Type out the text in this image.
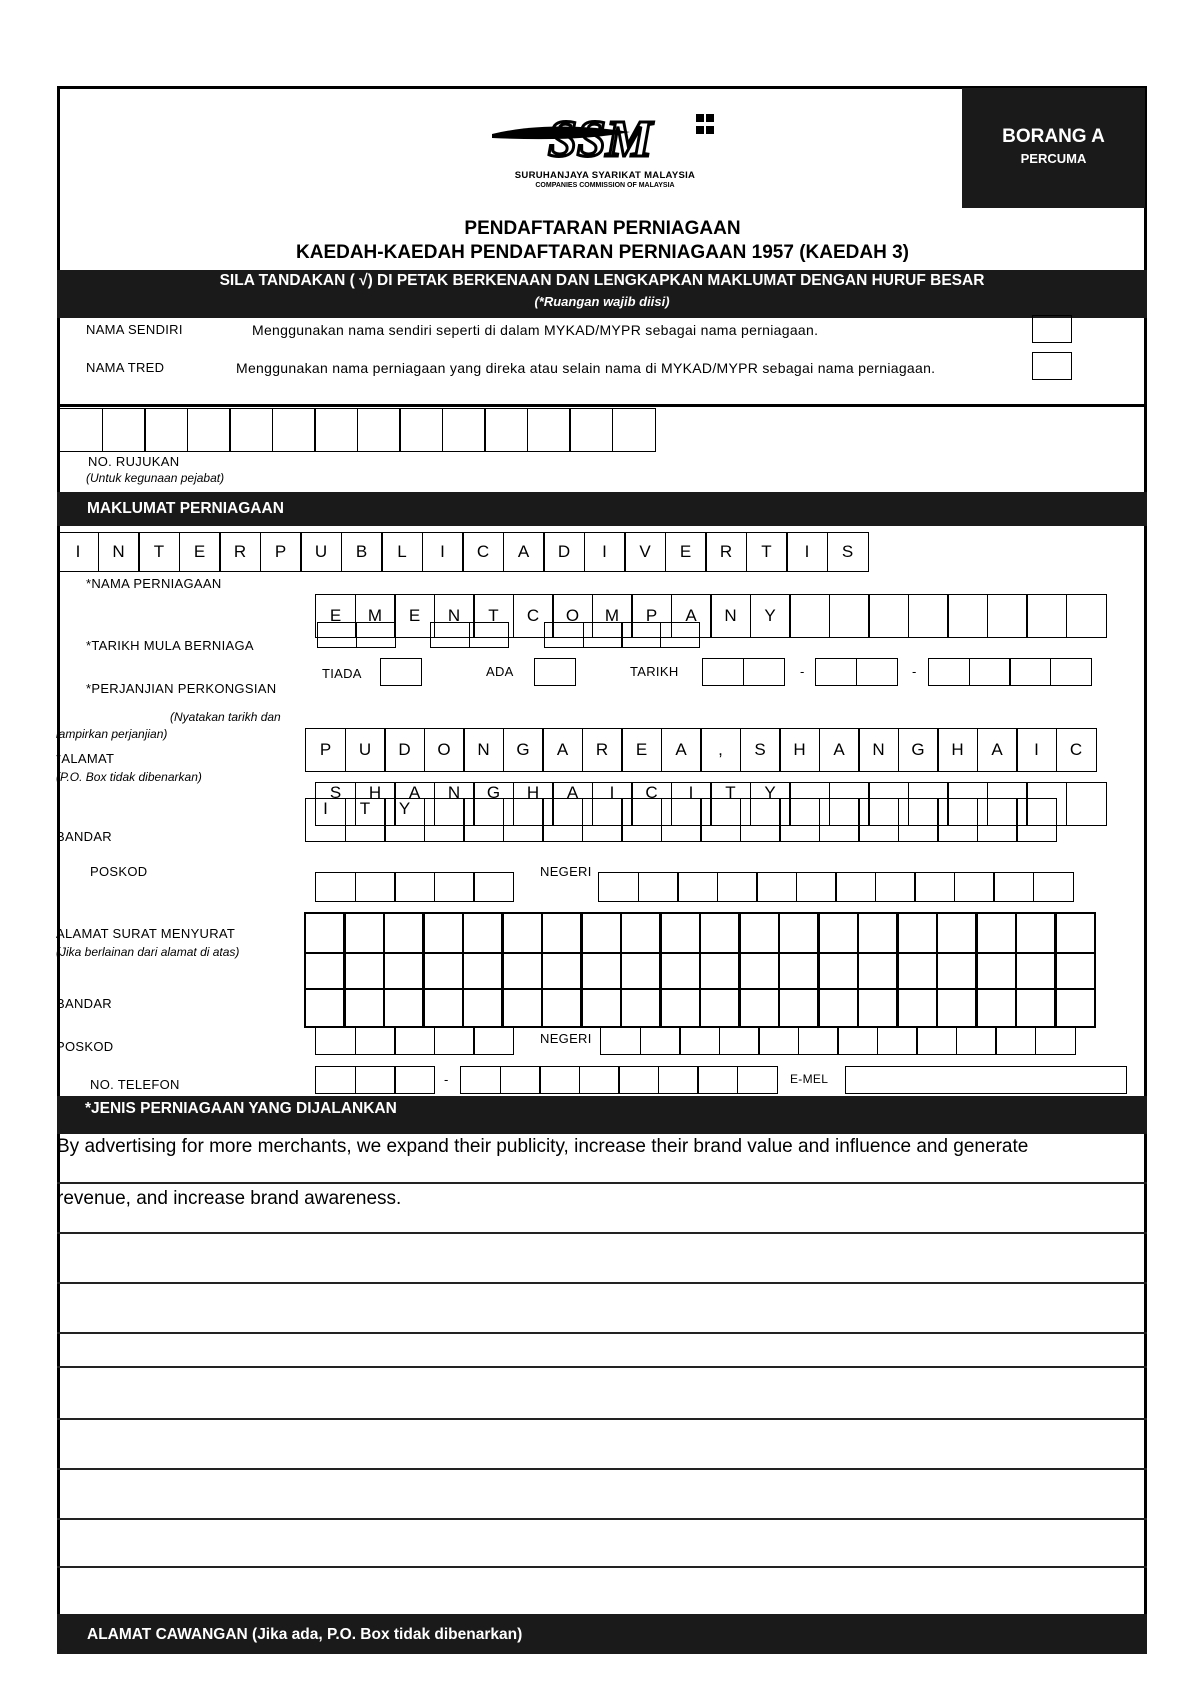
SSM
SURUHANJAYA SYARIKAT MALAYSIA
COMPANIES COMMISSION OF MALAYSIA
BORANG A
PERCUMA
PENDAFTARAN PERNIAGAAN
KAEDAH-KAEDAH PENDAFTARAN PERNIAGAAN 1957 (KAEDAH 3)
SILA TANDAKAN ( √) DI PETAK BERKENAAN DAN LENGKAPKAN MAKLUMAT DENGAN HURUF BESAR
(*Ruangan wajib diisi)
NAMA SENDIRI	Menggunakan nama sendiri seperti di dalam MYKAD/MYPR sebagai nama perniagaan.
NAMA TRED	Menggunakan nama perniagaan yang direka atau selain nama di MYKAD/MYPR sebagai nama perniagaan.
NO. RUJUKAN
(Untuk kegunaan pejabat)
MAKLUMAT PERNIAGAAN
I	N	T	E	R	P	U	B	L	I	C	A	D	I	V	E	R	T	I	S
*NAMA PERNIAGAAN
E	M	E	N	T	C	O	M	P	A	N	Y
*TARIKH MULA BERNIAGA
TIADA	ADA	TARIKH	-	-
*PERJANJIAN PERKONGSIAN
(Nyatakan tarikh dan
lampirkan perjanjian)
*ALAMAT
(P.O. Box tidak dibenarkan)
P	U	D	O	N	G	A	R	E	A	,	S	H	A	N	G	H	A	I	C
S	H	A	N	G	H	A	I	C	I	T	Y
I	T	Y
BANDAR
POSKOD	NEGERI
ALAMAT SURAT MENYURAT
(Jika berlainan dari alamat di atas)
BANDAR
POSKOD
NEGERI
NO. TELEFON	-	E-MEL
*JENIS PERNIAGAAN YANG DIJALANKAN
By advertising for more merchants, we expand their publicity, increase their brand value and influence and generate
revenue, and increase brand awareness.
ALAMAT CAWANGAN (Jika ada, P.O. Box tidak dibenarkan)
